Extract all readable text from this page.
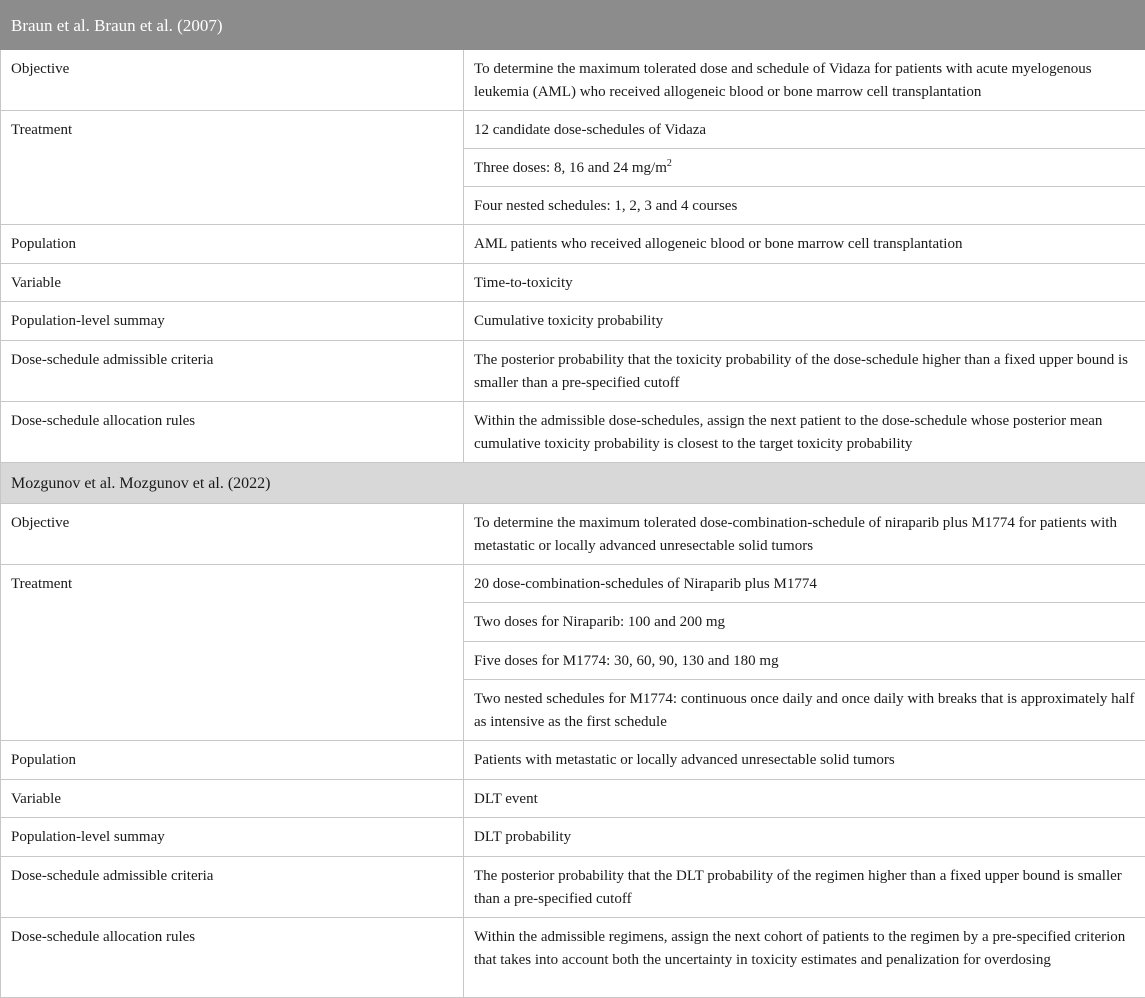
Braun et al. Braun et al. (2007)	
Objective	To determine the maximum tolerated dose and schedule of Vidaza for patients with acute myelogenous leukemia (AML) who received allogeneic blood or bone marrow cell transplantation
Treatment	12 candidate dose-schedules of Vidaza
	Three doses: 8, 16 and 24 $mg/m^2$
	Four nested schedules: 1, 2, 3 and 4 courses
Population	AML patients who received allogeneic blood or bone marrow cell transplantation
Variable	Time-to-toxicity
Population-level summay	Cumulative toxicity probability
Dose-schedule admissible criteria	The posterior probability that the toxicity probability of the dose-schedule higher than a fixed upper bound is smaller than a pre-specified cutoff
Dose-schedule allocation rules	Within the admissible dose-schedules, assign the next patient to the dose-schedule whose posterior mean cumulative toxicity probability is closest to the target toxicity probability
Mozgunov et al. Mozgunov et al. (2022)	
Objective	To determine the maximum tolerated dose-combination-schedule of niraparib plus M1774 for patients with metastatic or locally advanced unresectable solid tumors
Treatment	20 dose-combination-schedules of Niraparib plus M1774
	Two doses for Niraparib: 100 and 200 mg
	Five doses for M1774: 30, 60, 90, 130 and 180 mg
	Two nested schedules for M1774: continuous once daily and once daily with breaks that is approximately half as intensive as the first schedule
Population	Patients with metastatic or locally advanced unresectable solid tumors
Variable	DLT event
Population-level summay	DLT probability
Dose-schedule admissible criteria	The posterior probability that the DLT probability of the regimen higher than a fixed upper bound is smaller than a pre-specified cutoff
Dose-schedule allocation rules	Within the admissible regimens, assign the next cohort of patients to the regimen by a pre-specified criterion that takes into account both the uncertainty in toxicity estimates and penalization for overdosing
